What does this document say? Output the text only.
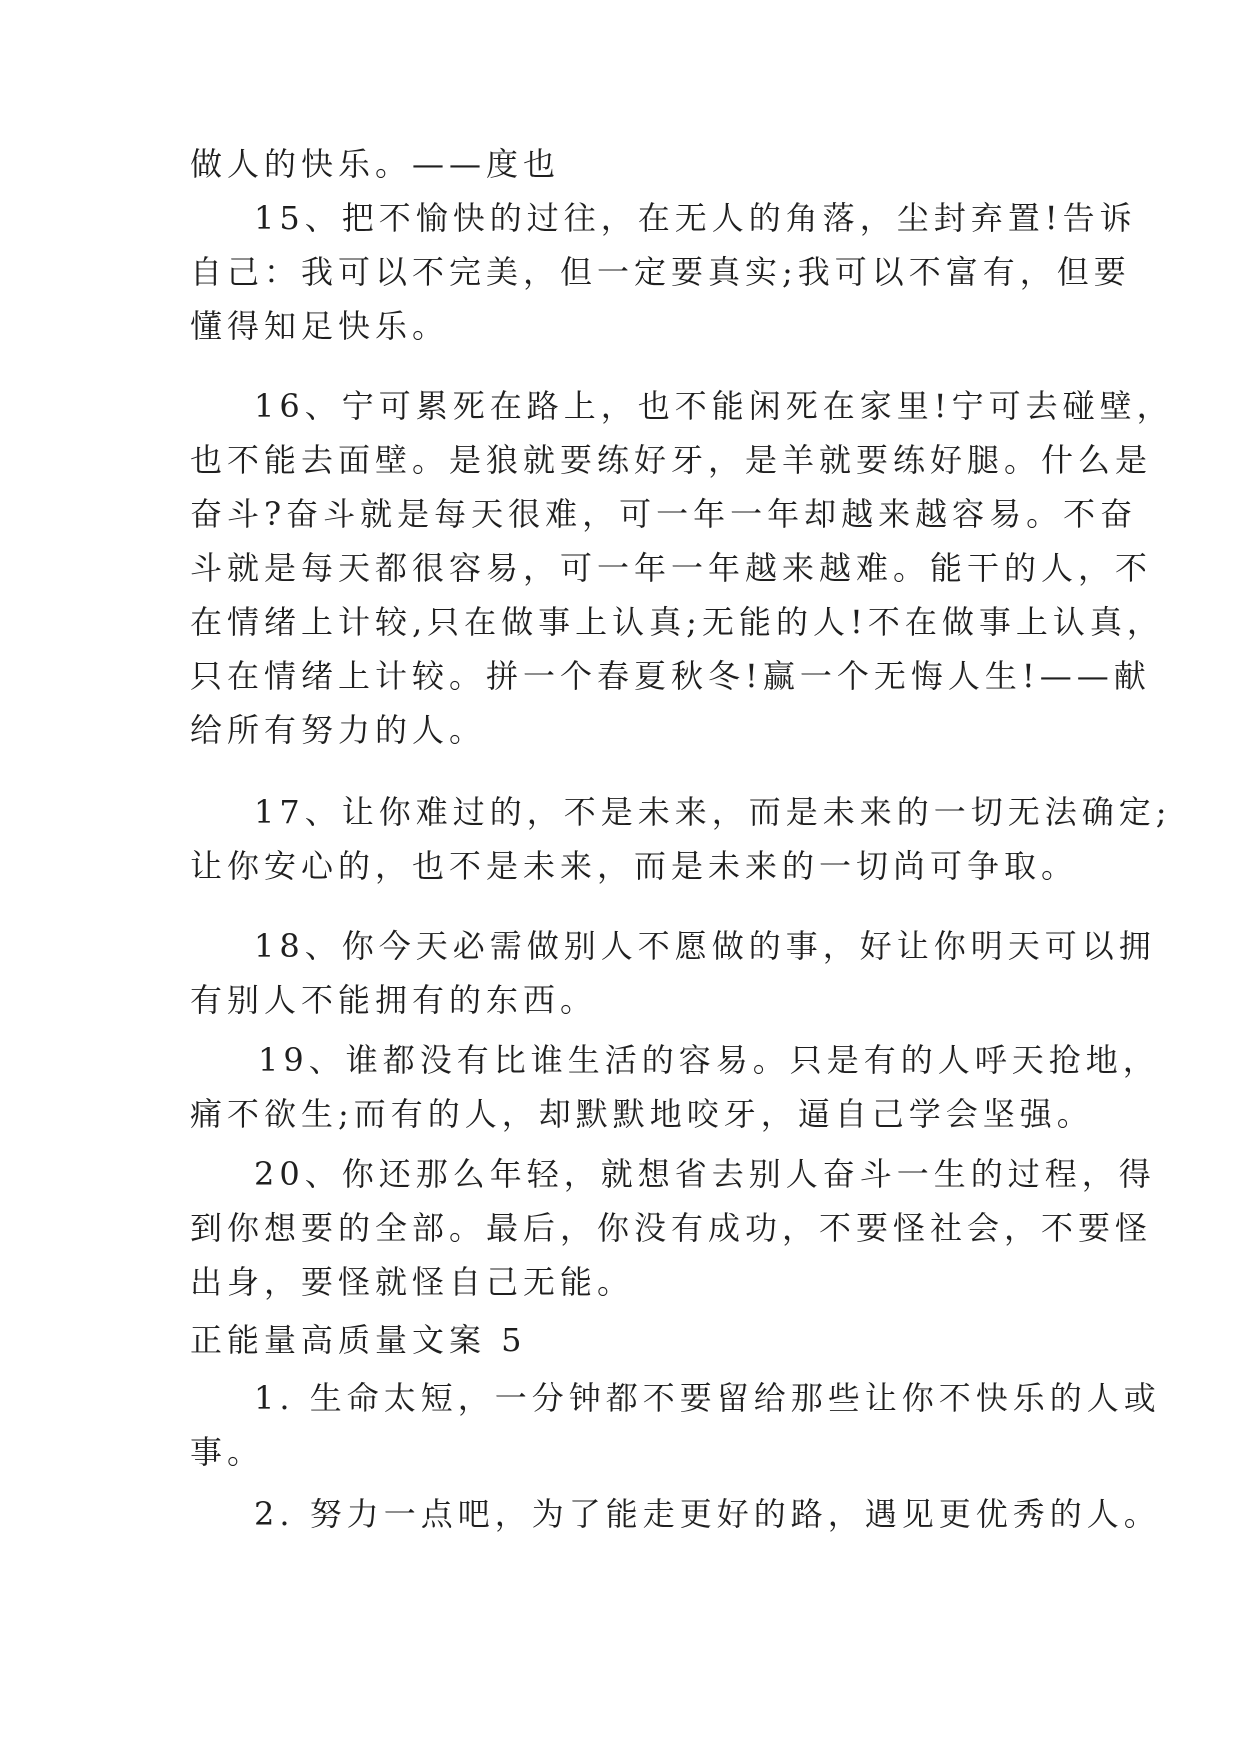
做人的快乐。——度也

15、把不愉快的过往，在无人的角落，尘封弃置!告诉

自己：我可以不完美，但一定要真实;我可以不富有，但要

懂得知足快乐。

16、宁可累死在路上，也不能闲死在家里!宁可去碰壁，

也不能去面壁。是狼就要练好牙，是羊就要练好腿。什么是

奋斗?奋斗就是每天很难，可一年一年却越来越容易。不奋

斗就是每天都很容易，可一年一年越来越难。能干的人，不

在情绪上计较,只在做事上认真;无能的人!不在做事上认真，

只在情绪上计较。拼一个春夏秋冬!赢一个无悔人生!——献

给所有努力的人。

17、让你难过的，不是未来，而是未来的一切无法确定;

让你安心的，也不是未来，而是未来的一切尚可争取。

18、你今天必需做别人不愿做的事，好让你明天可以拥

有别人不能拥有的东西。

19、谁都没有比谁生活的容易。只是有的人呼天抢地，

痛不欲生;而有的人，却默默地咬牙，逼自己学会坚强。

20、你还那么年轻，就想省去别人奋斗一生的过程，得

到你想要的全部。最后，你没有成功，不要怪社会，不要怪

出身，要怪就怪自己无能。

正能量高质量文案 5

1. 生命太短，一分钟都不要留给那些让你不快乐的人或

事。

2. 努力一点吧，为了能走更好的路，遇见更优秀的人。
